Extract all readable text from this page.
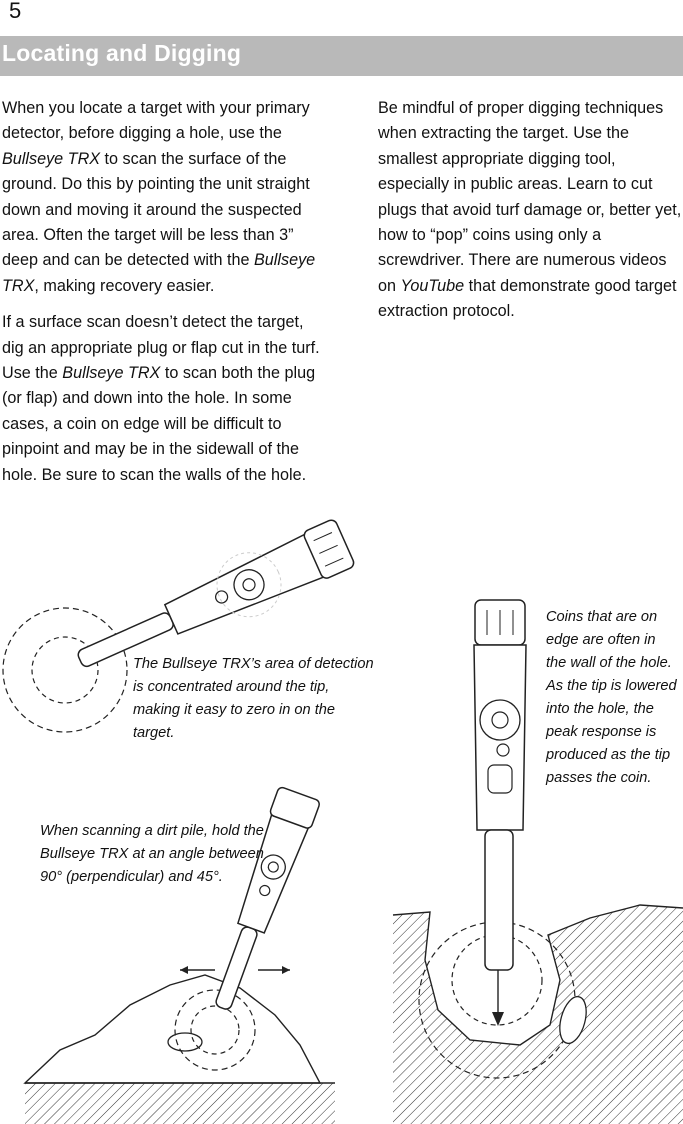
5
Locating and Digging

When you locate a target with your primary detector, before digging a hole, use the Bullseye TRX to scan the surface of the ground. Do this by pointing the unit straight down and moving it around the suspected area. Often the target will be less than 3” deep and can be detected with the Bullseye TRX, making recovery easier.

If a surface scan doesn’t detect the target, dig an appropriate plug or flap cut in the turf. Use the Bullseye TRX to scan both the plug (or flap) and down into the hole. In some cases, a coin on edge will be difficult to pinpoint and may be in the sidewall of the hole. Be sure to scan the walls of the hole.

Be mindful of proper digging techniques when extracting the target. Use the smallest appropriate digging tool, especially in public areas. Learn to cut plugs that avoid turf damage or, better yet, how to “pop” coins using only a screwdriver. There are numerous videos on YouTube that demonstrate good target extraction protocol.

The Bullseye TRX’s area of detection is concentrated around the tip, making it easy to zero in on the target.
When scanning a dirt pile, hold the Bullseye TRX at an angle between 90° (perpendicular) and 45°.
Coins that are on edge are often in the wall of the hole. As the tip is lowered into the hole, the peak response is produced as the tip passes the coin.
